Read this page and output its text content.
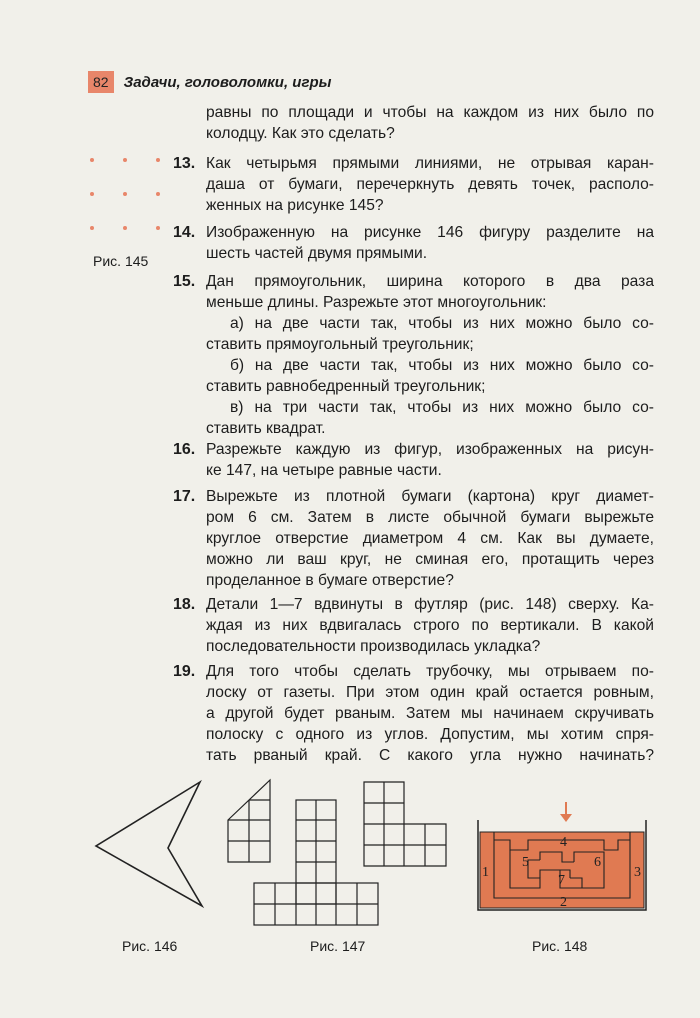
82	Задачи, головоломки, игры
равны по площади и чтобы на каждом из них было по
колодцу. Как это сделать?
Рис. 145
13. Как четырьмя прямыми линиями, не отрывая каран-
даша от бумаги, перечеркнуть девять точек, располо-
женных на рисунке 145?
14. Изображенную на рисунке 146 фигуру разделите на
шесть частей двумя прямыми.
15. Дан прямоугольник, ширина которого в два раза
меньше длины. Разрежьте этот многоугольник:
а) на две части так, чтобы из них можно было со-
ставить прямоугольный треугольник;
б) на две части так, чтобы из них можно было со-
ставить равнобедренный треугольник;
в) на три части так, чтобы из них можно было со-
ставить квадрат.
16. Разрежьте каждую из фигур, изображенных на рисун-
ке 147, на четыре равные части.
17. Вырежьте из плотной бумаги (картона) круг диамет-
ром 6 см. Затем в листе обычной бумаги вырежьте
круглое отверстие диаметром 4 см. Как вы думаете,
можно ли ваш круг, не сминая его, протащить через
проделанное в бумаге отверстие?
18. Детали 1—7 вдвинуты в футляр (рис. 148) сверху. Ка-
ждая из них вдвигалась строго по вертикали. В какой
последовательности производилась укладка?
19. Для того чтобы сделать трубочку, мы отрываем по-
лоску от газеты. При этом один край остается ровным,
а другой будет рваным. Затем мы начинаем скручивать
полоску с одного из углов. Допустим, мы хотим спря-
тать рваный край. С какого угла нужно начинать?
Рис. 146	Рис. 147
1
2
3
4
5	6
7
Рис. 148
